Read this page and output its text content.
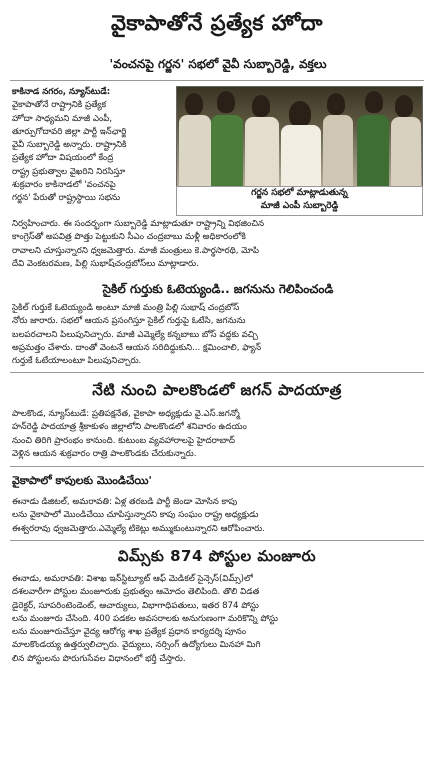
వైకాపాతోనే ప్రత్యేక హోదా
'వంచనపై గర్జన' సభలో వైవీ సుబ్బారెడ్డి, వక్తలు
కాకినాడ నగరం, న్యూస్‌టుడే:
వైకాపాతోనే రాష్ట్రానికి ప్రత్యేక
హోదా సాధ్యమని మాజీ ఎంపీ,
తూర్పుగోదావరి జిల్లా పార్టీ ఇన్‌ఛార్జి
వైవీ సుబ్బారెడ్డి అన్నారు. రాష్ట్రానికి
ప్రత్యేక హోదా విషయంలో కేంద్ర
రాష్ట్ర ప్రభుత్వాల వైఖరిని నిరసిస్తూ
శుక్రవారం కాకినాడలో 'వంచనపై
గర్జన' పేరుతో రాష్ట్రస్థాయి సభను
గర్జన సభలో మాట్లాడుతున్న
మాజీ ఎంపీ సుబ్బారెడ్డి
నిర్వహించారు. ఈ సందర్భంగా సుబ్బారెడ్డి మాట్లాడుతూ రాష్ట్రాన్ని విభజించిన
కాంగ్రెస్‌తో అపవిత్ర పొత్తు పెట్టుకుని సీఎం చంద్రబాబు మళ్లీ అధికారంలోకి
రావాలని చూస్తున్నారని ధ్వజమెత్తారు. మాజీ మంత్రులు కె.పార్థసారథి, మోపి
దేవి వెంకటరమణ, పిల్లి సుభాష్‌చంద్రబోస్‌లు మాట్లాడారు.
సైకిల్ గుర్తుకు ఓటెయ్యండి.. జగనును గెలిపించండి
సైకిల్ గుర్తుకే ఓటెయ్యండి అంటూ మాజీ మంత్రి పిల్లి సుభాష్ చంద్రబోస్
నోరు జారారు. సభలో ఆయన ప్రసంగిస్తూ సైకిల్ గుర్తుపై ఓటేసి, జగనును
బలపరచాలని పిలుపునిచ్చారు. మాజీ ఎమ్మెల్యే కన్నబాబు బోస్ వద్దకు వచ్చి
అప్రమత్తం చేశారు. దాంతో వెంటనే ఆయన సరిదిద్దుకుని... క్షమించాలి, ఫ్యాన్
గుర్తుకే ఓటేయాలంటూ పిలుపునిచ్చారు.
నేటి నుంచి పాలకొండలో జగన్ పాదయాత్ర
పాలకొండ, న్యూస్‌టుడే: ప్రతిపక్షనేత, వైకాపా అధ్యక్షుడు వై.ఎస్.జగన్మో
హన్‌రెడ్డి పాదయాత్ర శ్రీకాకుళం జిల్లాలోని పాలకొండలో శనివారం ఉదయం
నుంచి తిరిగి ప్రారంభం కానుంది. కుటుంబ వ్యవహారాలపై హైదరాబాద్
వెళ్లిన ఆయన శుక్రవారం రాత్రి పాలకొండకు చేరుకున్నారు.
వైకాపాలో కాపులకు మొండిచేయి'
ఈనాడు డిజిటల్, అమరావతి: ఏళ్ల తరబడి పార్టీ జెండా మోసిన కాపు
లను వైకాపాలో మొండిచేయి చూపిస్తున్నారని కాపు సంఘం రాష్ట్ర అధ్యక్షుడు
ఈశ్వరరావు ధ్వజమెత్తారు.ఎమ్మెల్యే టికెట్లు అమ్ముకుంటున్నారని ఆరోపించారు.
విమ్స్‌కు 874 పోస్టుల మంజూరు
ఈనాడు, అమరావతి: విశాఖ ఇన్‌స్టిట్యూట్ ఆఫ్ మెడికల్ సైన్సెస్(విమ్స్)లో
దశలవారీగా పోస్టుల మంజూరుకు ప్రభుత్వం ఆమోదం తెలిపింది. తొలి విడత
డైరెక్టర్, సూపరింటెండెంట్, ఆచార్యులు, విభాగాధిపతులు, ఇతర 874 పోస్టు
లను మంజూరు చేసింది. 400 పడకల అవసరాలకు అనుగుణంగా మరికొన్ని పోస్టు
లను మంజూరుచేస్తూ వైద్య ఆరోగ్య శాఖ ప్రత్యేక ప్రధాన కార్యదర్శి పూనం
మాలకొండయ్య ఉత్తర్వులిచ్చారు. వైద్యులు, నర్సింగ్ ఉద్యోగులు మినహా మిగి
లిన పోస్టులను పొరుగుసేవల విధానంలో భర్తీ చేస్తారు.
